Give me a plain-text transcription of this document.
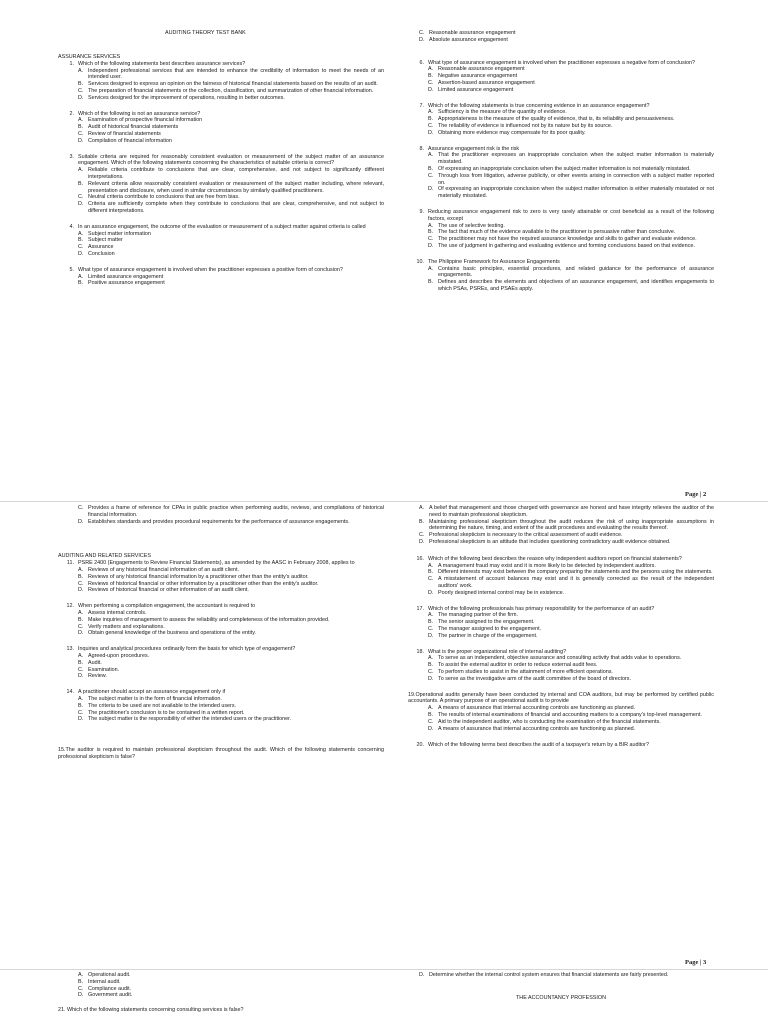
AUDITING THEORY TEST BANK

ASSURANCE SERVICES

1. Which of the following statements best describes assurance services?
A. Independent professional services that are intended to enhance the credibility of information to meet the needs of an intended user.
B. Services designed to express an opinion on the fairness of historical financial statements based on the results of an audit.
C. The preparation of financial statements or the collection, classification, and summarization of other financial information.
D. Services designed for the improvement of operations, resulting in better outcomes.
2. Which of the following is not an assurance service?
A. Examination of prospective financial information
B. Audit of historical financial statements
C. Review of financial statements
D. Compilation of financial information
3. Suitable criteria are required for reasonably consistent evaluation or measurement of the subject matter of an assurance engagement. Which of the following statements concerning the characteristics of suitable criteria is correct?
A. Reliable criteria contribute to conclusions that are clear, comprehensive, and not subject to significantly different interpretations.
B. Relevant criteria allow reasonably consistent evaluation or measurement of the subject matter including, where relevant, presentation and disclosure, when used in similar circumstances by similarly qualified practitioners.
C. Neutral criteria contribute to conclusions that are free from bias.
D. Criteria are sufficiently complete when they contribute to conclusions that are clear, comprehensive, and not subject to different interpretations.
4. In an assurance engagement, the outcome of the evaluation or measurement of a subject matter against criteria is called
A. Subject matter information
B. Subject matter
C. Assurance
D. Conclusion
5. What type of assurance engagement is involved when the practitioner expresses a positive form of conclusion?
A. Limited assurance engagement
B. Positive assurance engagement
C. Reasonable assurance engagement
D. Absolute assurance engagement
6. What type of assurance engagement is involved when the practitioner expresses a negative form of conclusion?
A. Reasonable assurance engagement
B. Negative assurance engagement
C. Assertion-based assurance engagement
D. Limited assurance engagement
7. Which of the following statements is true concerning evidence in an assurance engagement?
A. Sufficiency is the measure of the quantity of evidence.
B. Appropriateness is the measure of the quality of evidence, that is, its reliability and persuasiveness.
C. The reliability of evidence is influenced not by its nature but by its source.
D. Obtaining more evidence may compensate for its poor quality.
8. Assurance engagement risk is the risk
A. That the practitioner expresses an inappropriate conclusion when the subject matter information is materially misstated.
B. Of expressing an inappropriate conclusion when the subject matter information is not materially misstated.
C. Through loss from litigation, adverse publicity, or other events arising in connection with a subject matter reported on.
D. Of expressing an inappropriate conclusion when the subject matter information is either materially misstated or not materially misstated.
9. Reducing assurance engagement risk to zero is very rarely attainable or cost beneficial as a result of the following factors, except
A. The use of selective testing.
B. The fact that much of the evidence available to the practitioner is persuasive rather than conclusive.
C. The practitioner may not have the required assurance knowledge and skills to gather and evaluate evidence.
D. The use of judgment in gathering and evaluating evidence and forming conclusions based on that evidence.
10. The Philippine Framework for Assurance Engagements
A. Contains basic principles, essential procedures, and related guidance for the performance of assurance engagements.
B. Defines and describes the elements and objectives of an assurance engagement, and identifies engagements to which PSAs, PSREs, and PSAEs apply.
Page | 2
C. Provides a frame of reference for CPAs in public practice when performing audits, reviews, and compilations of historical financial information.
D. Establishes standards and provides procedural requirements for the performance of assurance engagements.

AUDITING AND RELATED SERVICES

11. PSRE 2400 (Engagements to Review Financial Statements), as amended by the AASC in February 2008, applies to
A. Reviews of any historical financial information of an audit client.
B. Reviews of any historical financial information by a practitioner other than the entity's auditor.
C. Reviews of historical financial or other information by a practitioner other than the entity's auditor.
D. Reviews of historical financial or other information of an audit client.
12. When performing a compilation engagement, the accountant is required to
A. Assess internal controls.
B. Make inquiries of management to assess the reliability and completeness of the information provided.
C. Verify matters and explanations.
D. Obtain general knowledge of the business and operations of the entity.
13. Inquiries and analytical procedures ordinarily form the basis for which type of engagement?
A. Agreed-upon procedures.
B. Audit.
C. Examination.
D. Review.
14. A practitioner should accept an assurance engagement only if
A. The subject matter is in the form of financial information.
B. The criteria to be used are not available to the intended users.
C. The practitioner's conclusion is to be contained in a written report.
D. The subject matter is the responsibility of either the intended users or the practitioner.

15.The auditor is required to maintain professional skepticism throughout the audit. Which of the following statements concerning professional skepticism is false?

A. A belief that management and those charged with governance are honest and have integrity relieves the auditor of the need to maintain professional skepticism.
B. Maintaining professional skepticism throughout the audit reduces the risk of using inappropriate assumptions in determining the nature, timing, and extent of the audit procedures and evaluating the results thereof.
C. Professional skepticism is necessary to the critical assessment of audit evidence.
D. Professional skepticism is an attitude that includes questioning contradictory audit evidence obtained.
16. Which of the following best describes the reason why independent auditors report on financial statements?
A. A management fraud may exist and it is more likely to be detected by independent auditors.
B. Different interests may exist between the company preparing the statements and the persons using the statements.
C. A misstatement of account balances may exist and it is generally corrected as the result of the independent auditors' work.
D. Poorly designed internal control may be in existence.
17. Which of the following professionals has primary responsibility for the performance of an audit?
A. The managing partner of the firm.
B. The senior assigned to the engagement.
C. The manager assigned to the engagement.
D. The partner in charge of the engagement.
18. What is the proper organizational role of internal auditing?
A. To serve as an independent, objective assurance and consulting activity that adds value to operations.
B. To assist the external auditor in order to reduce external audit fees.
C. To perform studies to assist in the attainment of more efficient operations.
D. To serve as the investigative arm of the audit committee of the board of directors.

19.Operational audits generally have been conducted by internal and COA auditors, but may be performed by certified public accountants. A primary purpose of an operational audit is to provide

A. A means of assurance that internal accounting controls are functioning as planned.
B. The results of internal examinations of financial and accounting matters to a company's top-level management.
C. Aid to the independent auditor, who is conducting the examination of the financial statements.
D. A means of assurance that internal accounting controls are functioning as planned.
20. Which of the following terms best describes the audit of a taxpayer's return by a BIR auditor?
Page | 3
A. Operational audit.
B. Internal audit.
C. Compliance audit.
D. Government audit.

21. Which of the following statements concerning consulting services is false?

D. Determine whether the internal control system ensures that financial statements are fairly presented.

THE ACCOUNTANCY PROFESSION
